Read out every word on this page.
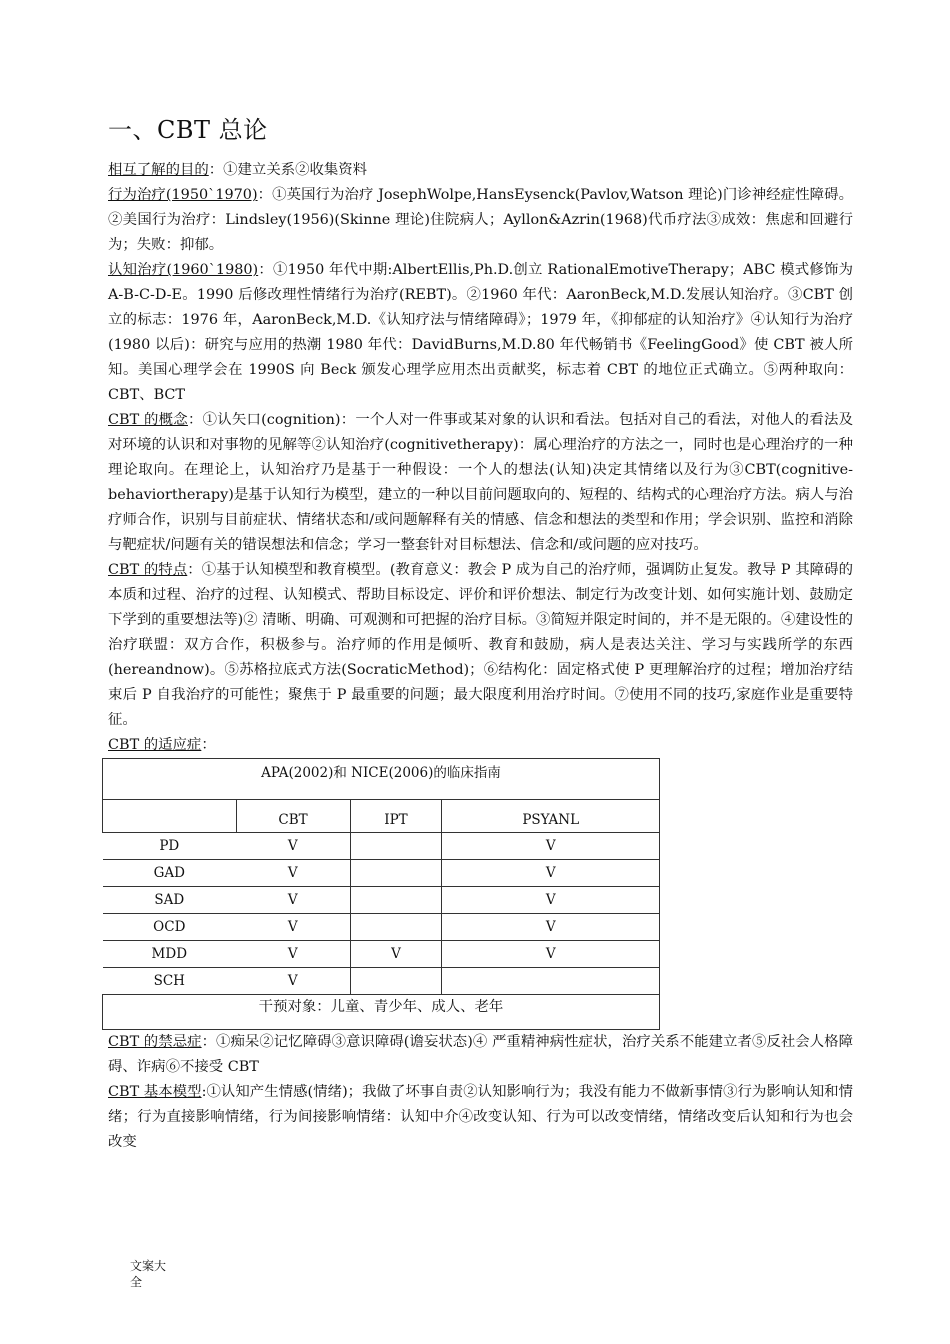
一、CBT 总论

相互了解的目的：①建立关系②收集资料

行为治疗(1950`1970)：①英国行为治疗 JosephWolpe,HansEysenck(Pavlov,Watson 理论)门诊神经症性障碍。②美国行为治疗：Lindsley(1956)(Skinne 理论)住院病人；Ayllon&Azrin(1968)代币疗法③成效：焦虑和回避行为；失败：抑郁。

认知治疗(1960`1980)：①1950 年代中期:AlbertEllis,Ph.D.创立 RationalEmotiveTherapy；ABC 模式修饰为 A-B-C-D-E。1990 后修改理性情绪行为治疗(REBT)。②1960 年代：AaronBeck,M.D.发展认知治疗。③CBT 创立的标志：1976 年，AaronBeck,M.D.《认知疗法与情绪障碍》；1979 年，《抑郁症的认知治疗》④认知行为治疗(1980 以后)：研究与应用的热潮 1980 年代：DavidBurns,M.D.80 年代畅销书《FeelingGood》使 CBT 被人所知。美国心理学会在 1990S 向 Beck 颁发心理学应用杰出贡献奖，标志着 CBT 的地位正式确立。⑤两种取向：CBT、BCT

CBT 的概念：①认矢口(cognition)：一个人对一件事或某对象的认识和看法。包括对自己的看法，对他人的看法及对环境的认识和对事物的见解等②认知治疗(cognitivetherapy)：属心理治疗的方法之一，同时也是心理治疗的一种理论取向。在理论上，认知治疗乃是基于一种假设：一个人的想法(认知)决定其情绪以及行为③CBT(cognitive-behaviortherapy)是基于认知行为模型，建立的一种以目前问题取向的、短程的、结构式的心理治疗方法。病人与治疗师合作，识别与目前症状、情绪状态和/或问题解释有关的情感、信念和想法的类型和作用；学会识别、监控和消除与靶症状/问题有关的错误想法和信念；学习一整套针对目标想法、信念和/或问题的应对技巧。

CBT 的特点：①基于认知模型和教育模型。(教育意义：教会 P 成为自己的治疗师，强调防止复发。教导 P 其障碍的本质和过程、治疗的过程、认知模式、帮助目标设定、评价和评价想法、制定行为改变计划、如何实施计划、鼓励定下学到的重要想法等)② 清晰、明确、可观测和可把握的治疗目标。③简短并限定时间的，并不是无限的。④建设性的治疗联盟：双方合作，积极参与。治疗师的作用是倾听、教育和鼓励，病人是表达关注、学习与实践所学的东西(hereandnow)。⑤苏格拉底式方法(SocraticMethod)；⑥结构化：固定格式使 P 更理解治疗的过程；增加治疗结束后 P 自我治疗的可能性；聚焦于 P 最重要的问题；最大限度利用治疗时间。⑦使用不同的技巧,家庭作业是重要特征。

CBT 的适应症：

APA(2002)和 NICE(2006)的临床指南			
	CBT	IPT	PSYANL
PD	V		V
GAD	V		V
SAD	V		V
OCD	V		V
MDD	V	V	V
SCH	V		
干预对象：儿童、青少年、成人、老年			

CBT 的禁忌症：①痴呆②记忆障碍③意识障碍(谵妄状态)④ 严重精神病性症状，治疗关系不能建立者⑤反社会人格障碍、诈病⑥不接受 CBT

CBT 基本模型:①认知产生情感(情绪)；我做了坏事自责②认知影响行为；我没有能力不做新事情③行为影响认知和情绪；行为直接影响情绪，行为间接影响情绪：认知中介④改变认知、行为可以改变情绪，情绪改变后认知和行为也会改变

文案大全
